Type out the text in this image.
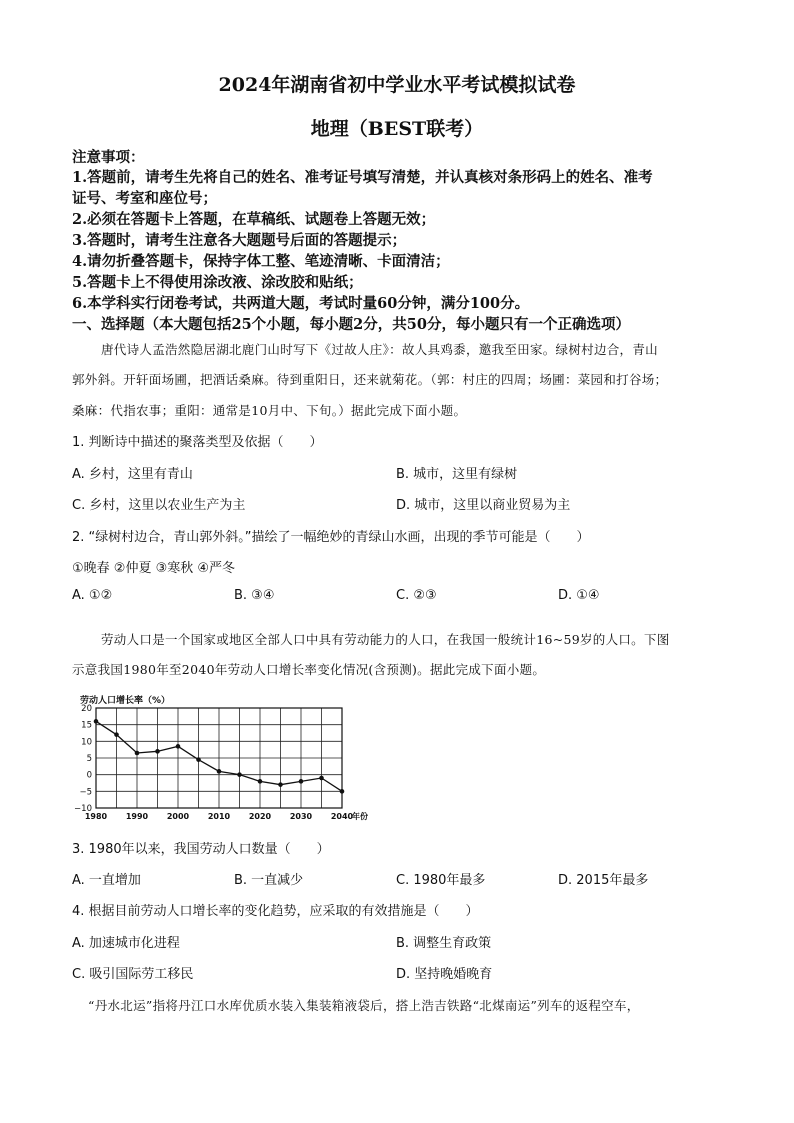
2024年湖南省初中学业水平考试模拟试卷
地理（BEST联考）
注意事项：
1.答题前，请考生先将自己的姓名、准考证号填写清楚，并认真核对条形码上的姓名、准考
证号、考室和座位号；
2.必须在答题卡上答题，在草稿纸、试题卷上答题无效；
3.答题时，请考生注意各大题题号后面的答题提示；
4.请勿折叠答题卡，保持字体工整、笔迹清晰、卡面清洁；
5.答题卡上不得使用涂改液、涂改胶和贴纸；
6.本学科实行闭卷考试，共两道大题，考试时量60分钟，满分100分。
一、选择题（本大题包括25个小题，每小题2分，共50分，每小题只有一个正确选项）
唐代诗人孟浩然隐居湖北鹿门山时写下《过故人庄》：故人具鸡黍，邀我至田家。绿树村边合，青山
郭外斜。开轩面场圃，把酒话桑麻。待到重阳日，还来就菊花。（郭：村庄的四周；场圃：菜园和打谷场；
桑麻：代指农事；重阳：通常是10月中、下旬。）据此完成下面小题。
1. 判断诗中描述的聚落类型及依据（　　）
A. 乡村，这里有青山	B. 城市，这里有绿树
C. 乡村，这里以农业生产为主	D. 城市，这里以商业贸易为主
2. “绿树村边合，青山郭外斜。”描绘了一幅绝妙的青绿山水画，出现的季节可能是（　　）
①晚春 ②仲夏 ③寒秋 ④严冬
A. ①②	B. ③④	C. ②③	D. ①④
劳动人口是一个国家或地区全部人口中具有劳动能力的人口，在我国一般统计16~59岁的人口。下图
示意我国1980年至2040年劳动人口增长率变化情况(含预测)。据此完成下面小题。
劳动人口增长率（%）
20
15
10
5
0
−5
−10
1980 1990 2000 2010 2020 2030 2040
年份
3. 1980年以来，我国劳动人口数量（　　）
A. 一直增加	B. 一直减少	C. 1980年最多	D. 2015年最多
4. 根据目前劳动人口增长率的变化趋势，应采取的有效措施是（　　）
A. 加速城市化进程	B. 调整生育政策
C. 吸引国际劳工移民	D. 坚持晚婚晚育
“丹水北运”指将丹江口水库优质水装入集装箱液袋后，搭上浩吉铁路“北煤南运”列车的返程空车，
